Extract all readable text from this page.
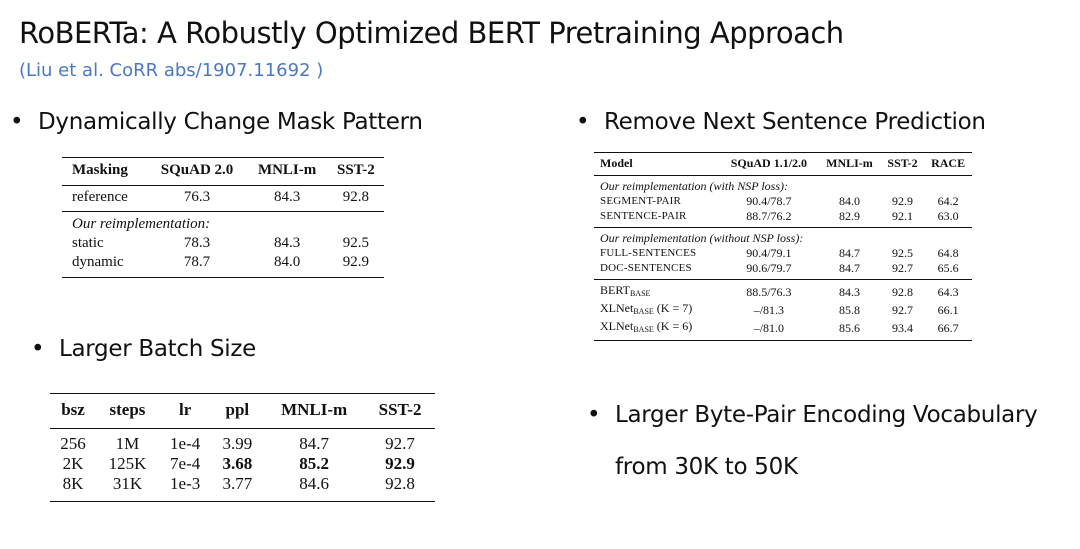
RoBERTa: A Robustly Optimized BERT Pretraining Approach
(Liu et al. CoRR abs/1907.11692 )
• Dynamically Change Mask Pattern
Masking	SQuAD 2.0	MNLI-m	SST-2
reference	76.3	84.3	92.8
Our reimplementation:			
static	78.3	84.3	92.5
dynamic	78.7	84.0	92.9
• Larger Batch Size
bsz	steps	lr	ppl	MNLI-m	SST-2
256	1M	1e-4	3.99	84.7	92.7
2K	125K	7e-4	3.68	85.2	92.9
8K	31K	1e-3	3.77	84.6	92.8
• Remove Next Sentence Prediction
Model	SQuAD 1.1/2.0	MNLI-m	SST-2	RACE
Our reimplementation (with NSP loss):				
SEGMENT-PAIR	90.4/78.7	84.0	92.9	64.2
SENTENCE-PAIR	88.7/76.2	82.9	92.1	63.0
Our reimplementation (without NSP loss):				
FULL-SENTENCES	90.4/79.1	84.7	92.5	64.8
DOC-SENTENCES	90.6/79.7	84.7	92.7	65.6
$BERT_{BASE}$	88.5/76.3	84.3	92.8	64.3
XLNet$_{BASE}$ (K = 7)	–/81.3	85.8	92.7	66.1
XLNet$_{BASE}$ (K = 6)	–/81.0	85.6	93.4	66.7
• Larger Byte-Pair Encoding Vocabulary
from 30K to 50K
